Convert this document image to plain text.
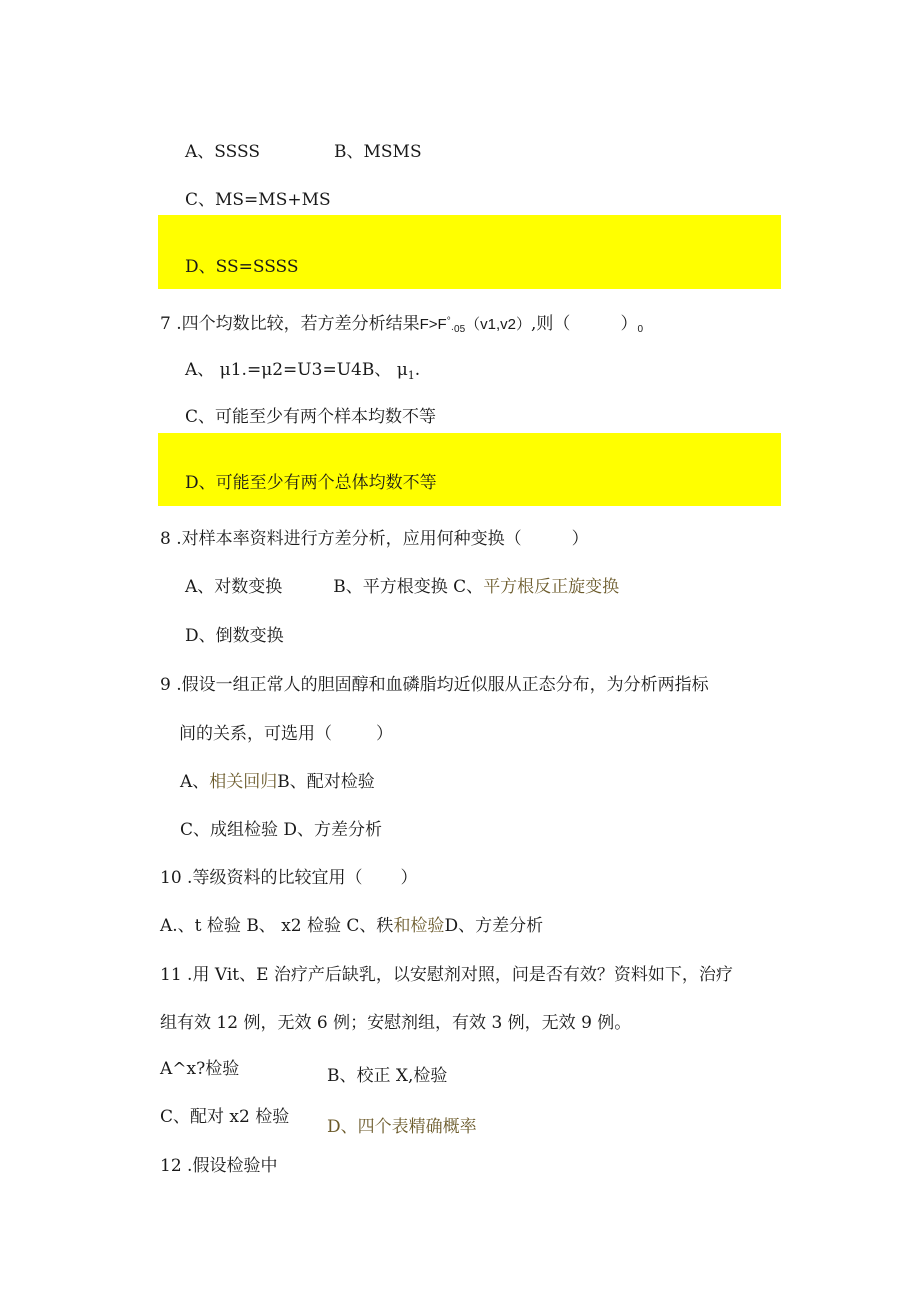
A、SSSS	B、MSMS
C、MS=MS+MS
D、SS=SSSS
7 .四个均数比较，若方差分析结果F>F°·05（v1,v2）,则（	）0
A、 μ1.=μ2=U3=U4B、 $\mu_1$.
C、可能至少有两个样本均数不等
D、可能至少有两个总体均数不等
8 .对样本率资料进行方差分析，应用何种变换（	）
A、对数变换　　　B、平方根变换 C、平方根反正旋变换
D、倒数变换
9 .假设一组正常人的胆固醇和血磷脂均近似服从正态分布，为分析两指标
间的关系，可选用（	）
A、相关回归B、配对检验
C、成组检验 D、方差分析
10 .等级资料的比较宜用（ ）
A.、t 检验 B、 x2 检验 C、秩和检验D、方差分析
11 .用 Vit、E 治疗产后缺乳，以安慰剂对照，问是否有效？资料如下，治疗
组有效 12 例，无效 6 例；安慰剂组，有效 3 例，无效 9 例。
A^x?检验	B、校正 X,检验
C、配对 x2 检验 D、四个表精确概率
12 .假设检验中
